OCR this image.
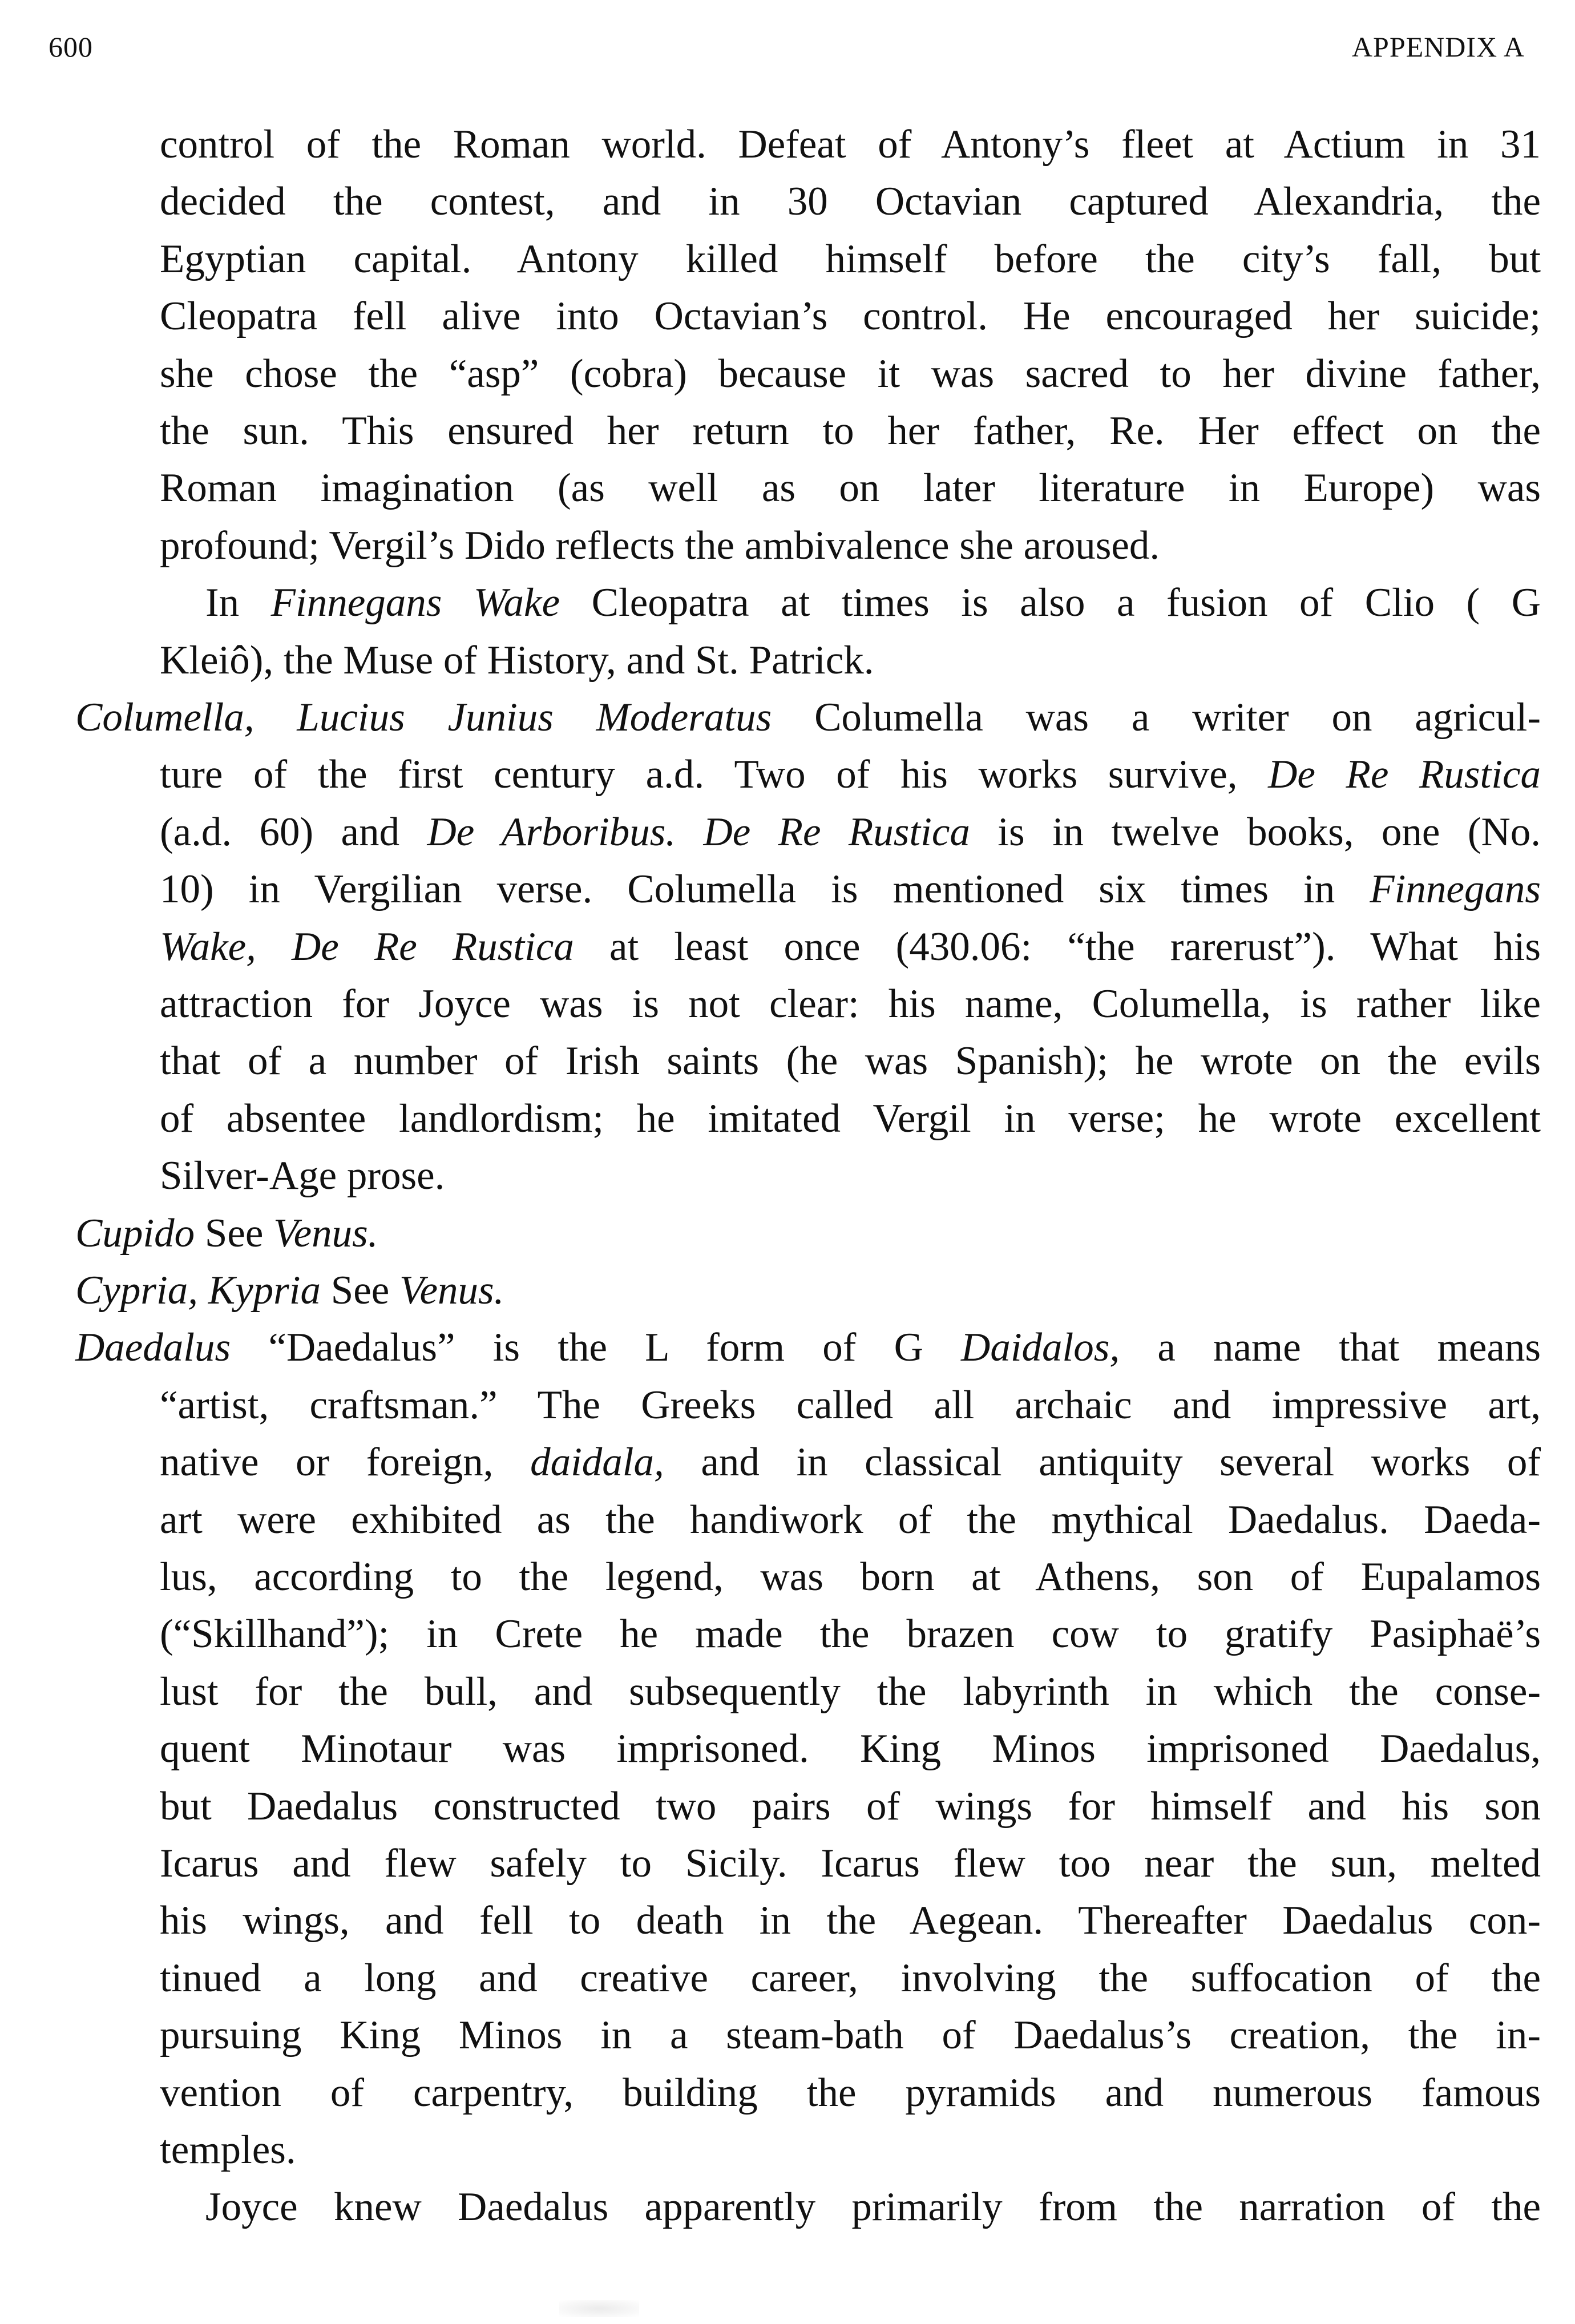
600	APPENDIX A
control of the Roman world. Defeat of Antony’s fleet at Actium in 31
decided the contest, and in 30 Octavian captured Alexandria, the
Egyptian capital. Antony killed himself before the city’s fall, but
Cleopatra fell alive into Octavian’s control. He encouraged her suicide;
she chose the “asp” (cobra) because it was sacred to her divine father,
the sun. This ensured her return to her father, Re. Her effect on the
Roman imagination (as well as on later literature in Europe) was
profound; Vergil’s Dido reflects the ambivalence she aroused.
In Finnegans Wake Cleopatra at times is also a fusion of Clio ( G
Kleiô), the Muse of History, and St. Patrick.
Columella, Lucius Junius Moderatus Columella was a writer on agricul-
ture of the first century a.d. Two of his works survive, De Re Rustica
(a.d. 60) and De Arboribus. De Re Rustica is in twelve books, one (No.
10) in Vergilian verse. Columella is mentioned six times in Finnegans
Wake, De Re Rustica at least once (430.06: “the rarerust”). What his
attraction for Joyce was is not clear: his name, Columella, is rather like
that of a number of Irish saints (he was Spanish); he wrote on the evils
of absentee landlordism; he imitated Vergil in verse; he wrote excellent
Silver-Age prose.
Cupido See Venus.
Cypria, Kypria See Venus.
Daedalus “Daedalus” is the L form of G Daidalos, a name that means
“artist, craftsman.” The Greeks called all archaic and impressive art,
native or foreign, daidala, and in classical antiquity several works of
art were exhibited as the handiwork of the mythical Daedalus. Daeda-
lus, according to the legend, was born at Athens, son of Eupalamos
(“Skillhand”); in Crete he made the brazen cow to gratify Pasiphaë’s
lust for the bull, and subsequently the labyrinth in which the conse-
quent Minotaur was imprisoned. King Minos imprisoned Daedalus,
but Daedalus constructed two pairs of wings for himself and his son
Icarus and flew safely to Sicily. Icarus flew too near the sun, melted
his wings, and fell to death in the Aegean. Thereafter Daedalus con-
tinued a long and creative career, involving the suffocation of the
pursuing King Minos in a steam-bath of Daedalus’s creation, the in-
vention of carpentry, building the pyramids and numerous famous
temples.
Joyce knew Daedalus apparently primarily from the narration of the
